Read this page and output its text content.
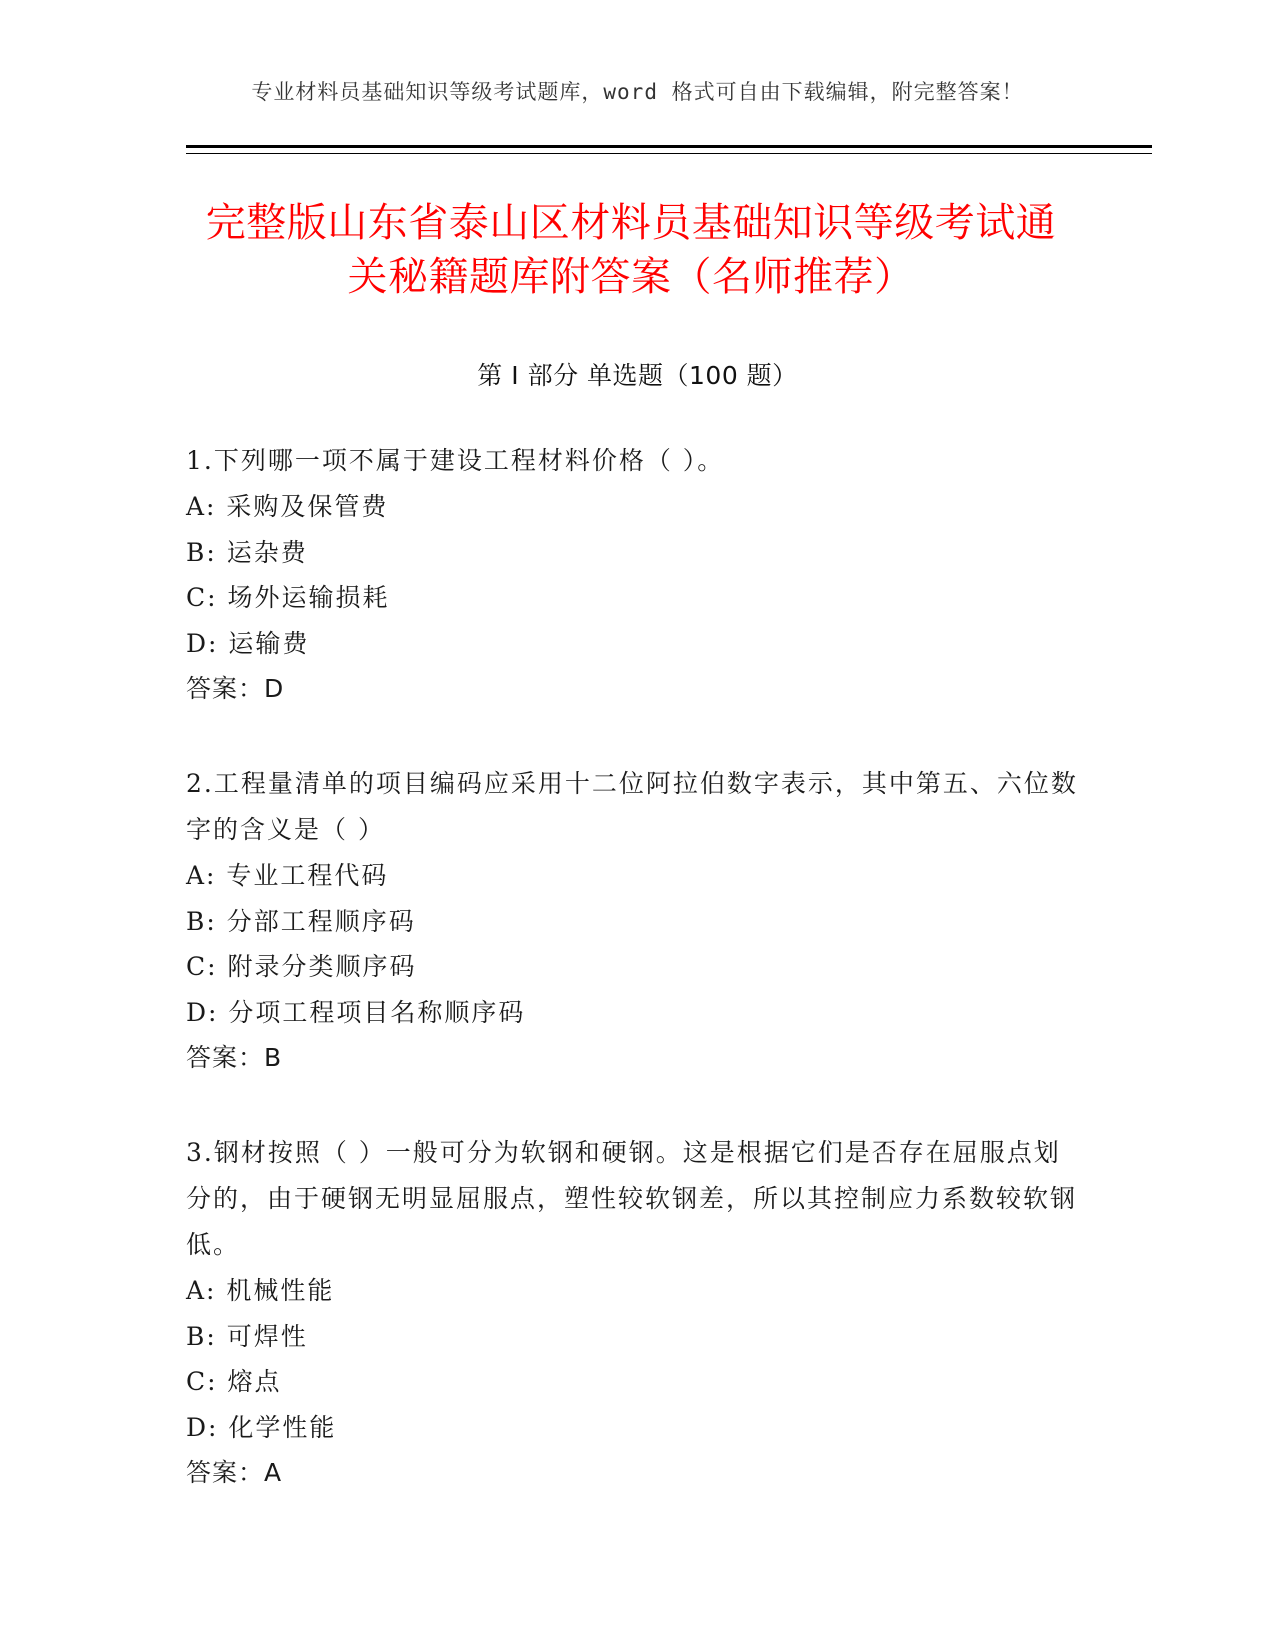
专业材料员基础知识等级考试题库，word 格式可自由下载编辑，附完整答案！
完整版山东省泰山区材料员基础知识等级考试通关秘籍题库附答案（名师推荐）
第 I 部分 单选题（100 题）

1.下列哪一项不属于建设工程材料价格（ ）。

A: 采购及保管费

B: 运杂费

C: 场外运输损耗

D: 运输费

答案：D

2.工程量清单的项目编码应采用十二位阿拉伯数字表示，其中第五、六位数字的含义是（ ）

A: 专业工程代码

B: 分部工程顺序码

C: 附录分类顺序码

D: 分项工程项目名称顺序码

答案：B

3.钢材按照（ ）一般可分为软钢和硬钢。这是根据它们是否存在屈服点划分的，由于硬钢无明显屈服点，塑性较软钢差，所以其控制应力系数较软钢低。

A: 机械性能

B: 可焊性

C: 熔点

D: 化学性能

答案：A
